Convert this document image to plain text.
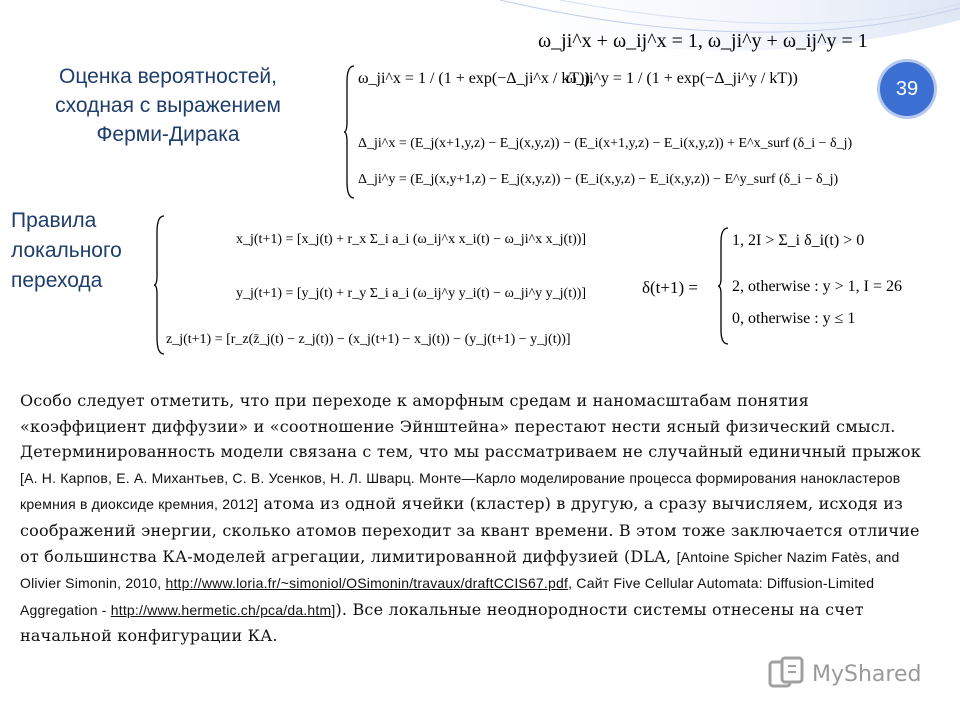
Оценка вероятностей,
сходная с выражением
Ферми-Дирака
39
ω_ji^x + ω_ij^x = 1, ω_ji^y + ω_ij^y = 1
ω_ji^x = 1 / (1 + exp(−Δ_ji^x / kT)),
ω_ji^y = 1 / (1 + exp(−Δ_ji^y / kT))
Δ_ji^x = (E_j(x+1,y,z) − E_j(x,y,z)) − (E_i(x+1,y,z) − E_i(x,y,z)) + E^x_surf (δ_i − δ_j)
Δ_ji^y = (E_j(x,y+1,z) − E_j(x,y,z)) − (E_i(x,y,z) − E_i(x,y,z)) − E^y_surf (δ_i − δ_j)
Правила
локального
перехода
x_j(t+1) = [x_j(t) + r_x Σ_i a_i (ω_ij^x x_i(t) − ω_ji^x x_j(t))]
y_j(t+1) = [y_j(t) + r_y Σ_i a_i (ω_ij^y y_i(t) − ω_ji^y y_j(t))]
z_j(t+1) = [r_z(z̄_j(t) − z_j(t)) − (x_j(t+1) − x_j(t)) − (y_j(t+1) − y_j(t))]
δ(t+1) =
1, 2I > Σ_i δ_i(t) > 0
2, otherwise : y > 1, I = 26
0, otherwise : y ≤ 1
Особо следует отметить, что при переходе к аморфным средам и наномасштабам понятия «коэффициент диффузии» и «соотношение Эйнштейна» перестают нести ясный физический смысл. Детерминированность модели связана с тем, что мы рассматриваем не случайный единичный прыжок [А. Н. Карпов, Е. А. Михантьев, С. В. Усенков, Н. Л. Шварц. Монте—Карло моделирование процесса формирования нанокластеров кремния в диоксиде кремния, 2012] атома из одной ячейки (кластер) в другую, а сразу вычисляем, исходя из соображений энергии, сколько атомов переходит за квант времени. В этом тоже заключается отличие от большинства КА-моделей агрегации, лимитированной диффузией (DLA, [Antoine Spicher Nazim Fatès, and Olivier Simonin, 2010, http://www.loria.fr/~simoniol/OSimonin/travaux/draftCCIS67.pdf, Сайт Five Cellular Automata: Diffusion-Limited Aggregation - http://www.hermetic.ch/pca/da.htm]). Все локальные неоднородности системы отнесены на счет начальной конфигурации КА.
MyShared
